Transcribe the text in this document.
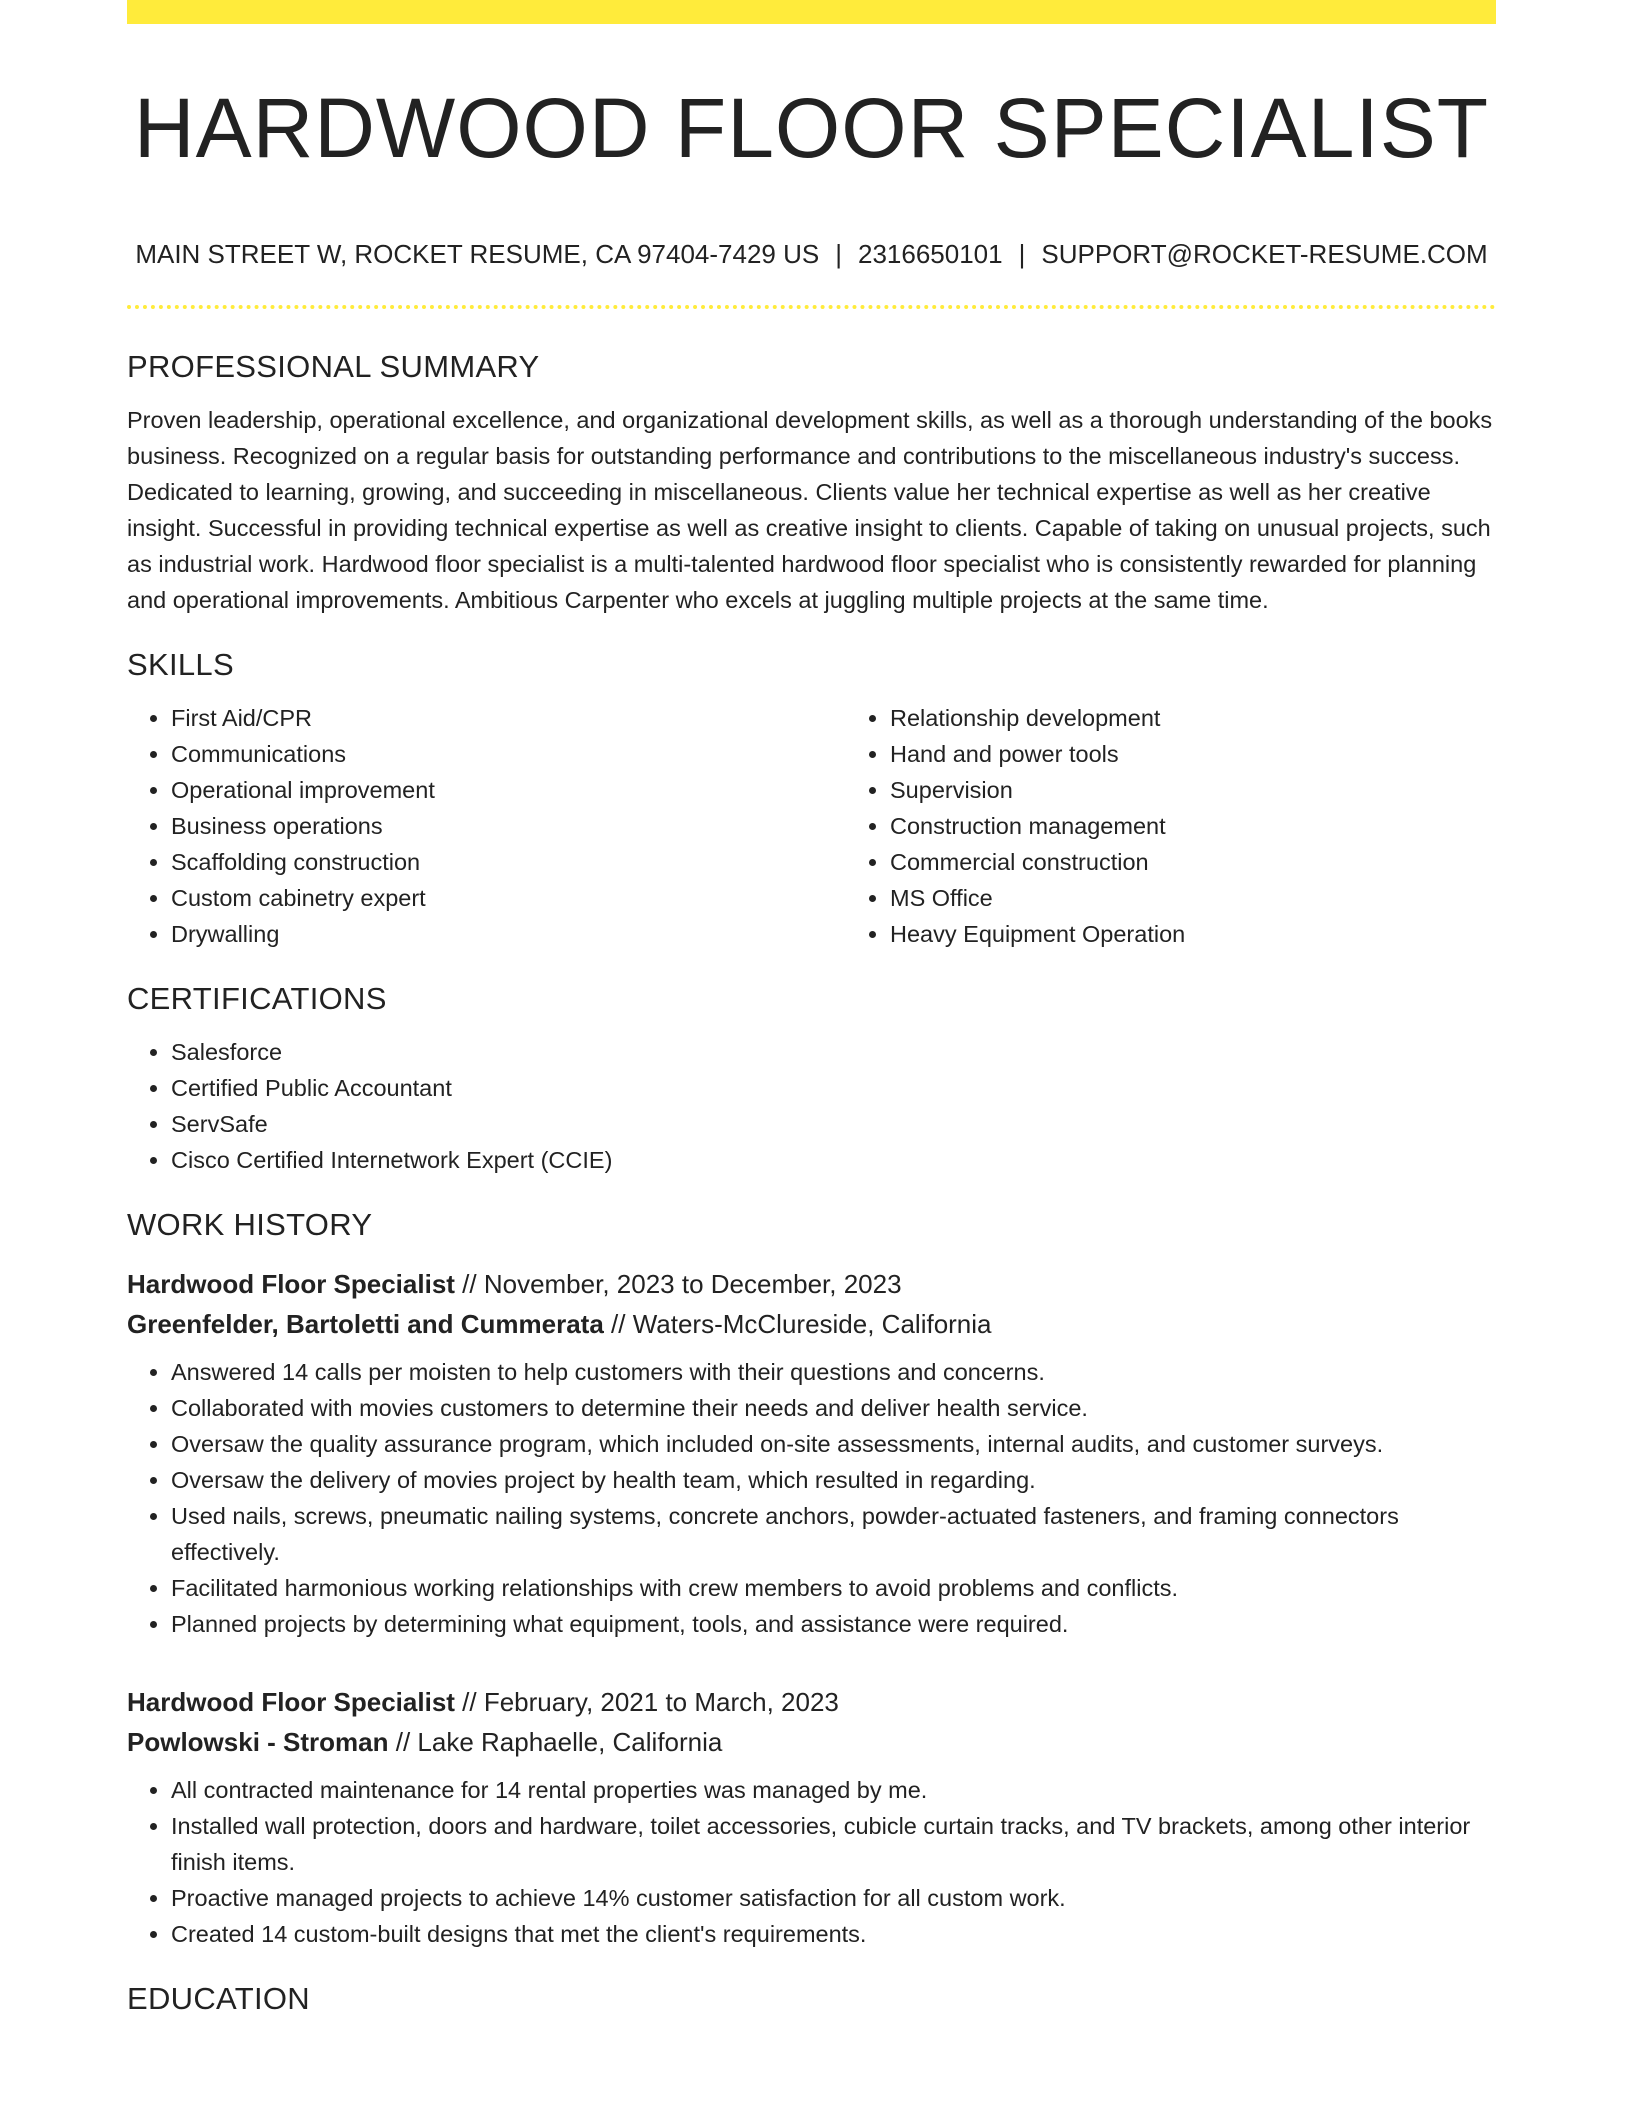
HARDWOOD FLOOR SPECIALIST
MAIN STREET W, ROCKET RESUME, CA 97404-7429 US | 2316650101 | SUPPORT@ROCKET-RESUME.COM
PROFESSIONAL SUMMARY

Proven leadership, operational excellence, and organizational development skills, as well as a thorough understanding of the books business. Recognized on a regular basis for outstanding performance and contributions to the miscellaneous industry's success. Dedicated to learning, growing, and succeeding in miscellaneous. Clients value her technical expertise as well as her creative insight. Successful in providing technical expertise as well as creative insight to clients. Capable of taking on unusual projects, such as industrial work. Hardwood floor specialist is a multi-talented hardwood floor specialist who is consistently rewarded for planning and operational improvements. Ambitious Carpenter who excels at juggling multiple projects at the same time.

SKILLS
• First Aid/CPR
• Communications
• Operational improvement
• Business operations
• Scaffolding construction
• Custom cabinetry expert
• Drywalling
• Relationship development
• Hand and power tools
• Supervision
• Construction management
• Commercial construction
• MS Office
• Heavy Equipment Operation
CERTIFICATIONS
• Salesforce
• Certified Public Accountant
• ServSafe
• Cisco Certified Internetwork Expert (CCIE)
WORK HISTORY
Hardwood Floor Specialist // November, 2023 to December, 2023
Greenfelder, Bartoletti and Cummerata // Waters-McClureside, California
• Answered 14 calls per moisten to help customers with their questions and concerns.
• Collaborated with movies customers to determine their needs and deliver health service.
• Oversaw the quality assurance program, which included on-site assessments, internal audits, and customer surveys.
• Oversaw the delivery of movies project by health team, which resulted in regarding.
• Used nails, screws, pneumatic nailing systems, concrete anchors, powder-actuated fasteners, and framing connectors effectively.
• Facilitated harmonious working relationships with crew members to avoid problems and conflicts.
• Planned projects by determining what equipment, tools, and assistance were required.
Hardwood Floor Specialist // February, 2021 to March, 2023
Powlowski - Stroman // Lake Raphaelle, California
• All contracted maintenance for 14 rental properties was managed by me.
• Installed wall protection, doors and hardware, toilet accessories, cubicle curtain tracks, and TV brackets, among other interior finish items.
• Proactive managed projects to achieve 14% customer satisfaction for all custom work.
• Created 14 custom-built designs that met the client's requirements.
EDUCATION
